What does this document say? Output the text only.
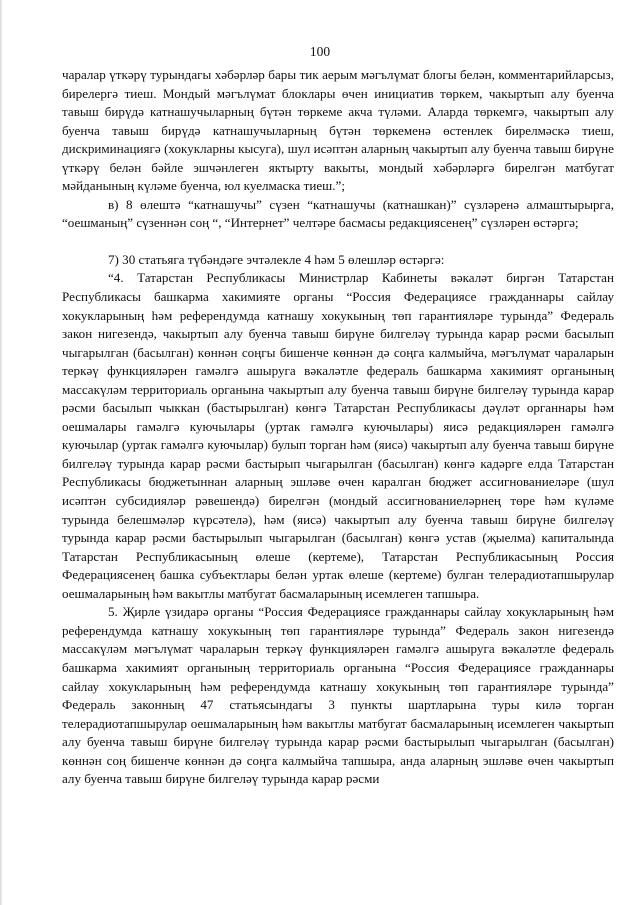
100

чаралар үткәрү турындагы хәбәрләр бары тик аерым мәгълүмат блогы белән, комментарийларсыз, бирелергә тиеш. Мондый мәгълүмат блоклары өчен инициатив төркем, чакыртып алу буенча тавыш бирүдә катнашучыларның бүтән төркеме акча түләми. Аларда төркемгә, чакыртып алу буенча тавыш бирүдә катнашучыларның бүтән төркеменә өстенлек бирелмәскә тиеш, дискриминациягә (хокукларны кысуга), шул исәптән аларның чакыртып алу буенча тавыш бирүне үткәрү белән бәйле эшчәнлеген яктырту вакыты, мондый хәбәрләргә бирелгән матбугат мәйданының күләме буенча, юл куелмаска тиеш.”;

в) 8 өлештә “катнашучы” сүзен “катнашучы (катнашкан)” сүзләренә алмаштырырга, “оешманың” сүзеннән соң “, “Интернет” челтәре басмасы редакциясенең” сүзләрен өстәргә;

7) 30 статьяга түбәндәге эчтәлекле 4 һәм 5 өлешләр өстәргә:

“4. Татарстан Республикасы Министрлар Кабинеты вәкаләт биргән Татарстан Республикасы башкарма хакимияте органы “Россия Федерациясе гражданнары сайлау хокукларының һәм референдумда катнашу хокукының төп гарантияләре турында” Федераль закон нигезендә, чакыртып алу буенча тавыш бирүне билгеләү турында карар рәсми басылып чыгарылган (басылган) көннән соңгы бишенче көннән дә соңга калмыйча, мәгълүмат чараларын теркәү функцияләрен гамәлгә ашыруга вәкаләтле федераль башкарма хакимият органының массакүләм территориаль органына чакыртып алу буенча тавыш бирүне билгеләү турында карар рәсми басылып чыккан (бастырылган) көнгә Татарстан Республикасы дәүләт органнары һәм оешмалары гамәлгә куючылары (уртак гамәлгә куючылары) яисә редакцияләрен гамәлгә куючылар (уртак гамәлгә куючылар) булып торган һәм (яисә) чакыртып алу буенча тавыш бирүне билгеләү турында карар рәсми бастырып чыгарылган (басылган) көнгә кадәрге елда Татарстан Республикасы бюджетыннан аларның эшләве өчен каралган бюджет ассигнованиеләре (шул исәптән субсидияләр рәвешендә) бирелгән (мондый ассигнованиеләрнең төре һәм күләме турында белешмәләр күрсәтелә), һәм (яисә) чакыртып алу буенча тавыш бирүне билгеләү турында карар рәсми бастырылып чыгарылган (басылган) көнгә устав (җыелма) капиталында Татарстан Республикасының өлеше (кертеме), Татарстан Республикасының Россия Федерациясенең башка субъектлары белән уртак өлеше (кертеме) булган телерадиотапшырулар оешмаларының һәм вакытлы матбугат басмаларының исемлеген тапшыра.

5. Җирле үзидарә органы “Россия Федерациясе гражданнары сайлау хокукларының һәм референдумда катнашу хокукының төп гарантияләре турында” Федераль закон нигезендә массакүләм мәгълүмат чараларын теркәү функцияләрен гамәлгә ашыруга вәкаләтле федераль башкарма хакимият органының территориаль органына “Россия Федерациясе гражданнары сайлау хокукларының һәм референдумда катнашу хокукының төп гарантияләре турында” Федераль законның 47 статьясындагы 3 пункты шартларына туры килә торган телерадиотапшырулар оешмаларының һәм вакытлы матбугат басмаларының исемлеген чакыртып алу буенча тавыш бирүне билгеләү турында карар рәсми бастырылып чыгарылган (басылган) көннән соң бишенче көннән дә соңга калмыйча тапшыра, анда аларның эшләве өчен чакыртып алу буенча тавыш бирүне билгеләү турында карар рәсми
